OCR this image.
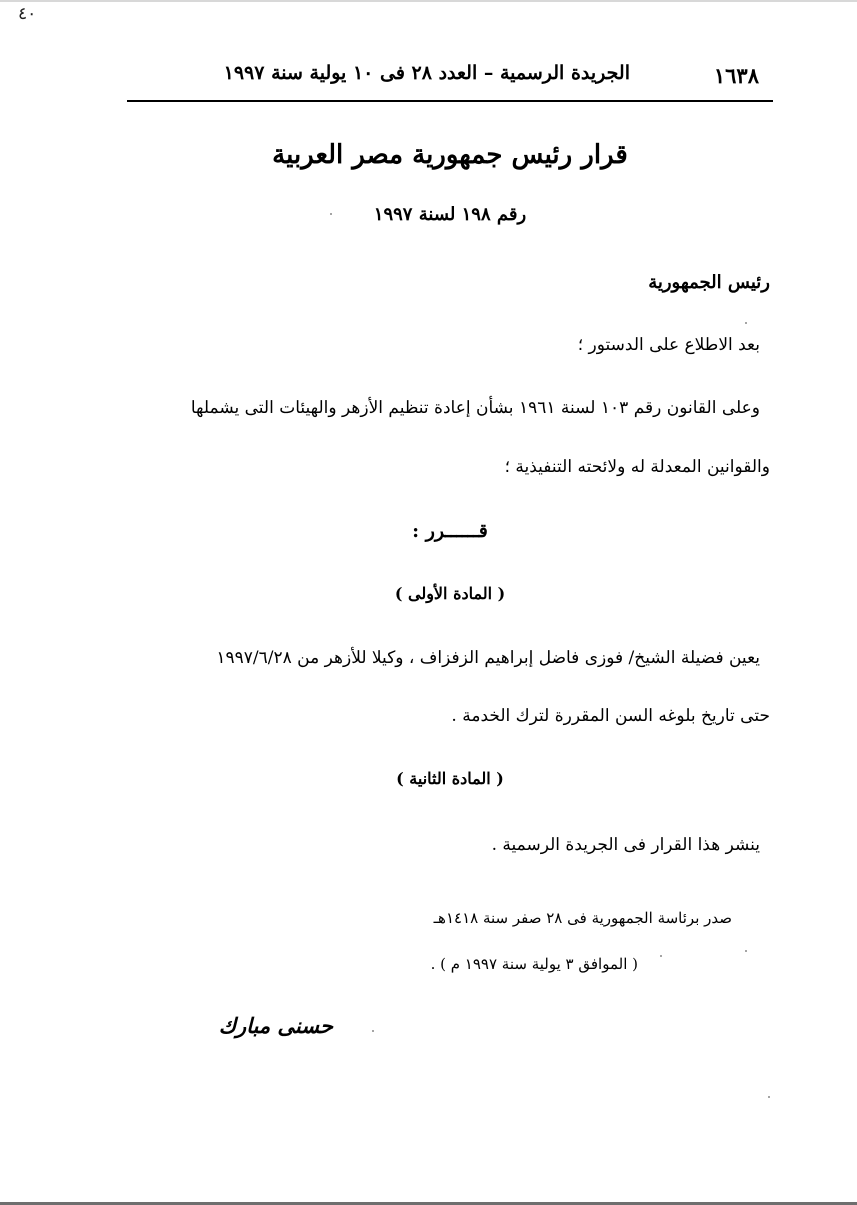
٤٠
١٦٣٨
الجريدة الرسمية – العدد ٢٨ فى ١٠ يولية سنة ١٩٩٧
قرار رئيس جمهورية مصر العربية
رقم ١٩٨ لسنة ١٩٩٧
رئيس الجمهورية
بعد الاطلاع على الدستور ؛
وعلى القانون رقم ١٠٣ لسنة ١٩٦١ بشأن إعادة تنظيم الأزهر والهيئات التى يشملها
والقوانين المعدلة له ولائحته التنفيذية ؛
قــــــرر :
( المادة الأولى )
يعين فضيلة الشيخ/ فوزى فاضل إبراهيم الزفزاف ، وكيلا للأزهر من ١٩٩٧/٦/٢٨
حتى تاريخ بلوغه السن المقررة لترك الخدمة .
( المادة الثانية )
ينشر هذا القرار فى الجريدة الرسمية .
صدر برئاسة الجمهورية فى ٢٨ صفر سنة ١٤١٨هـ
( الموافق ٣ يولية سنة ١٩٩٧ م ) .
حسنى مبارك
